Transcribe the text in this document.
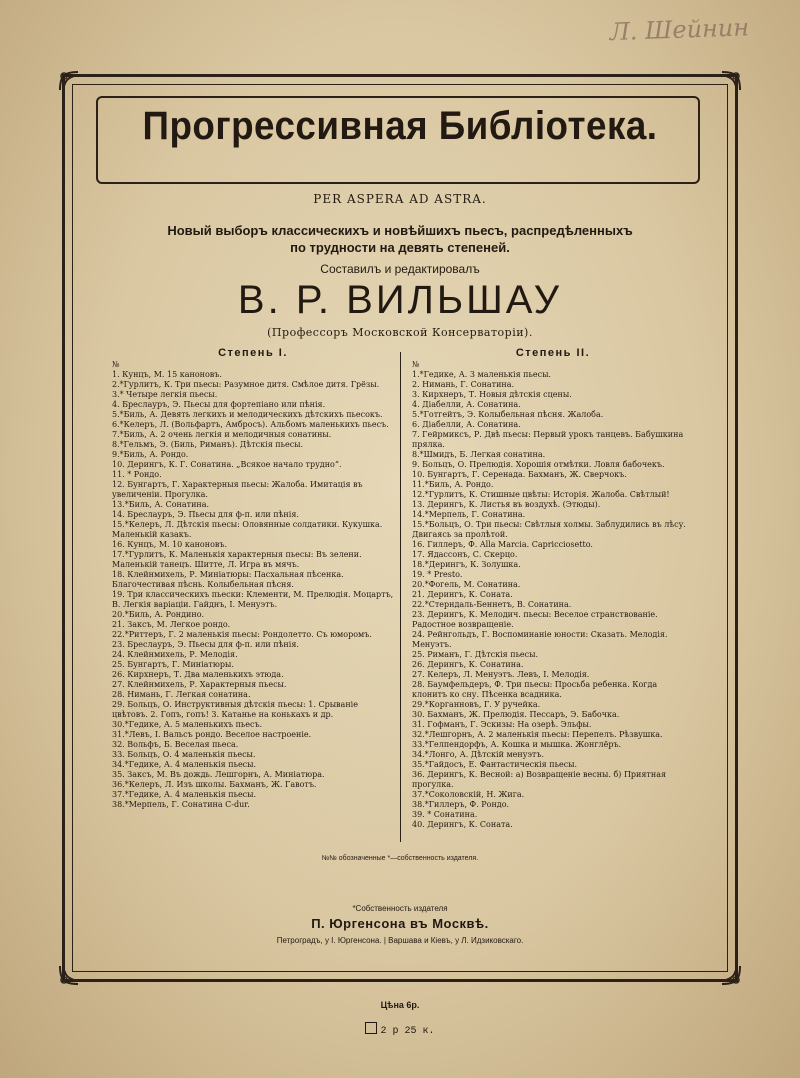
Л. Шейнин
Прогрессивная Библіотека.
PER ASPERA AD ASTRA.
Новый выборъ классическихъ и новѣйшихъ пьесъ, распредѣленныхъ
по трудности на девять степеней.
Составилъ и редактировалъ
В. Р. ВИЛЬШАУ
(Профессоръ Московской Консерваторіи).
Степень I.
№
1. Кунцъ, М. 15 каноновъ.
2.*Гурлитъ, К. Три пьесы: Разумное дитя. Смѣлое дитя. Грёзы.
3.* Четыре легкія пьесы.
4. Бреслауръ, Э. Пьесы для фортепiано или пѣнія.
5.*Биль, А. Девять легкихъ и мелодическихъ дѣтскихъ пьесокъ.
6.*Келеръ, Л. (Вольфартъ, Амбросъ). Альбомъ маленькихъ пьесъ.
7.*Биль, А. 2 очень легкія и мелодичныя сонатины.
8.*Гельмъ, Э. (Биль, Риманъ). Дѣтскія пьесы.
9.*Биль, А. Рондо.
10. Дерингъ, К. Г. Сонатина. „Всякое начало трудно“.
11. * Рондо.
12. Бунгартъ, Г. Характерныя пьесы: Жалоба. Имитація въ увеличеніи. Прогулка.
13.*Биль, А. Сонатина.
14. Бреслауръ, Э. Пьесы для ф-п. или пѣнія.
15.*Келеръ, Л. Дѣтскія пьесы: Оловянные солдатики. Кукушка. Маленькій казакъ.
16. Кунцъ, М. 10 каноновъ.
17.*Гурлитъ, К. Маленькія характерныя пьесы: Въ зелени. Маленькій танецъ. Шитте, Л. Игра въ мячъ.
18. Клейнмихель, Р. Миніатюры: Пасхальная пѣсенка. Благочестивая пѣснь. Колыбельная пѣсня.
19. Три классическихъ пьески: Клементи, М. Прелюдія. Моцартъ, В. Легкія варіаціи. Гайднъ, І. Менуэтъ.
20.*Биль, А. Рондино.
21. Заксъ, М. Легкое рондо.
22.*Риттеръ, Г. 2 маленькія пьесы: Рондолетто. Съ юморомъ.
23. Бреслауръ, Э. Пьесы для ф-п. или пѣнія.
24. Клейнмихель, Р. Мелодія.
25. Бунгартъ, Г. Миніатюры.
26. Кирхнеръ, Т. Два маленькихъ этюда.
27. Клейнмихель, Р. Характерныя пьесы.
28. Нимань, Г. Легкая сонатина.
29. Больцъ, О. Инструктивныя дѣтскія пьесы: 1. Срываніе цвѣтовъ. 2. Гопъ, гопъ! 3. Катанье на конькахъ и др.
30.*Гедике, А. 5 маленькихъ пьесъ.
31.*Левъ, І. Вальсъ рондо. Веселое настроеніе.
32. Вольфъ, Б. Веселая пьеса.
33. Больцъ, О. 4 маленькія пьесы.
34.*Гедике, А. 4 маленькія пьесы.
35. Заксъ, М. Въ дождь. Лешгорнъ, А. Миніатюра.
36.*Келеръ, Л. Изъ школы. Бахманъ, Ж. Гавотъ.
37.*Гедике, А. 4 маленькія пьесы.
38.*Мерпель, Г. Сонатина C-dur.
Степень II.
№
1.*Гедике, А. 3 маленькія пьесы.
2. Нимань, Г. Сонатина.
3. Кирхнеръ, Т. Новыя дѣтскія сцены.
4. Діабелли, А. Сонатина.
5.*Готгейтъ, Э. Колыбельная пѣсня. Жалоба.
6. Діабелли, А. Сонатина.
7. Гейрмиксъ, Р. Двѣ пьесы: Первый урокъ танцевъ. Бабушкина прялка.
8.*Шмидъ, Б. Легкая сонатина.
9. Больцъ, О. Прелюдія. Хорошія отмѣтки. Ловля бабочекъ.
10. Бунгартъ, Г. Серенада. Бахманъ, Ж. Сверчокъ.
11.*Биль, А. Рондо.
12.*Гурлитъ, К. Стишные цвѣты: Исторія. Жалоба. Свѣтлый!
13. Дерингъ, К. Листья въ воздухѣ. (Этюды).
14.*Мерпель, Г. Сонатина.
15.*Больцъ, О. Три пьесы: Свѣтлыя холмы. Заблудились въ лѣсу. Двигаясь за пролѣтой.
16. Гиллеръ, Ф. Alla Marcia. Capricciosetto.
17. Ядассонъ, С. Скерцо.
18.*Дерингъ, К. Золушка.
19. * Prestо.
20.*Фогель, М. Сонатина.
21. Дерингъ, К. Соната.
22.*Стерндаль-Беннетъ, В. Сонатина.
23. Дерингъ, К. Мелодич. пьесы: Веселое странствованіе. Радостное возвращеніе.
24. Рейнгольдъ, Г. Воспоминаніе юности: Сказать. Мелодія. Менуэтъ.
25. Риманъ, Г. Дѣтскія пьесы.
26. Дерингъ, К. Сонатина.
27. Келеръ, Л. Менуэтъ. Левъ, І. Мелодія.
28. Баумфельдеръ, Ф. Три пьесы: Просьба ребенка. Когда клонитъ ко сну. Пѣсенка всадника.
29.*Корганновъ, Г. У ручейка.
30. Бахманъ, Ж. Прелюдія. Пессаръ, Э. Бабочка.
31. Гофманъ, Г. Эскизы: На озерѣ. Эльфы.
32.*Лешгорнъ, А. 2 маленькія пьесы: Перепелъ. Рѣзвушка.
33.*Гелпендорфъ, А. Кошка и мышка. Жонглёръ.
34.*Лонго, А. Дѣтскій менуэтъ.
35.*Гайдосъ, Е. Фантастическія пьесы.
36. Дерингъ, К. Весной: а) Возвращеніе весны. б) Приятная прогулка.
37.*Соколовскій, Н. Жига.
38.*Гиллеръ, Ф. Рондо.
39. * Сонатина.
40. Дерингъ, К. Соната.
№№ обозначенные *—собственность издателя.
*Собственность издателя
П. Юргенсона въ Москвѣ.
Петроградъ, у І. Юргенсона. | Варшава и Кіевъ, у Л. Идзиковскаго.
Цѣна 6р.
2 р 25 к.
